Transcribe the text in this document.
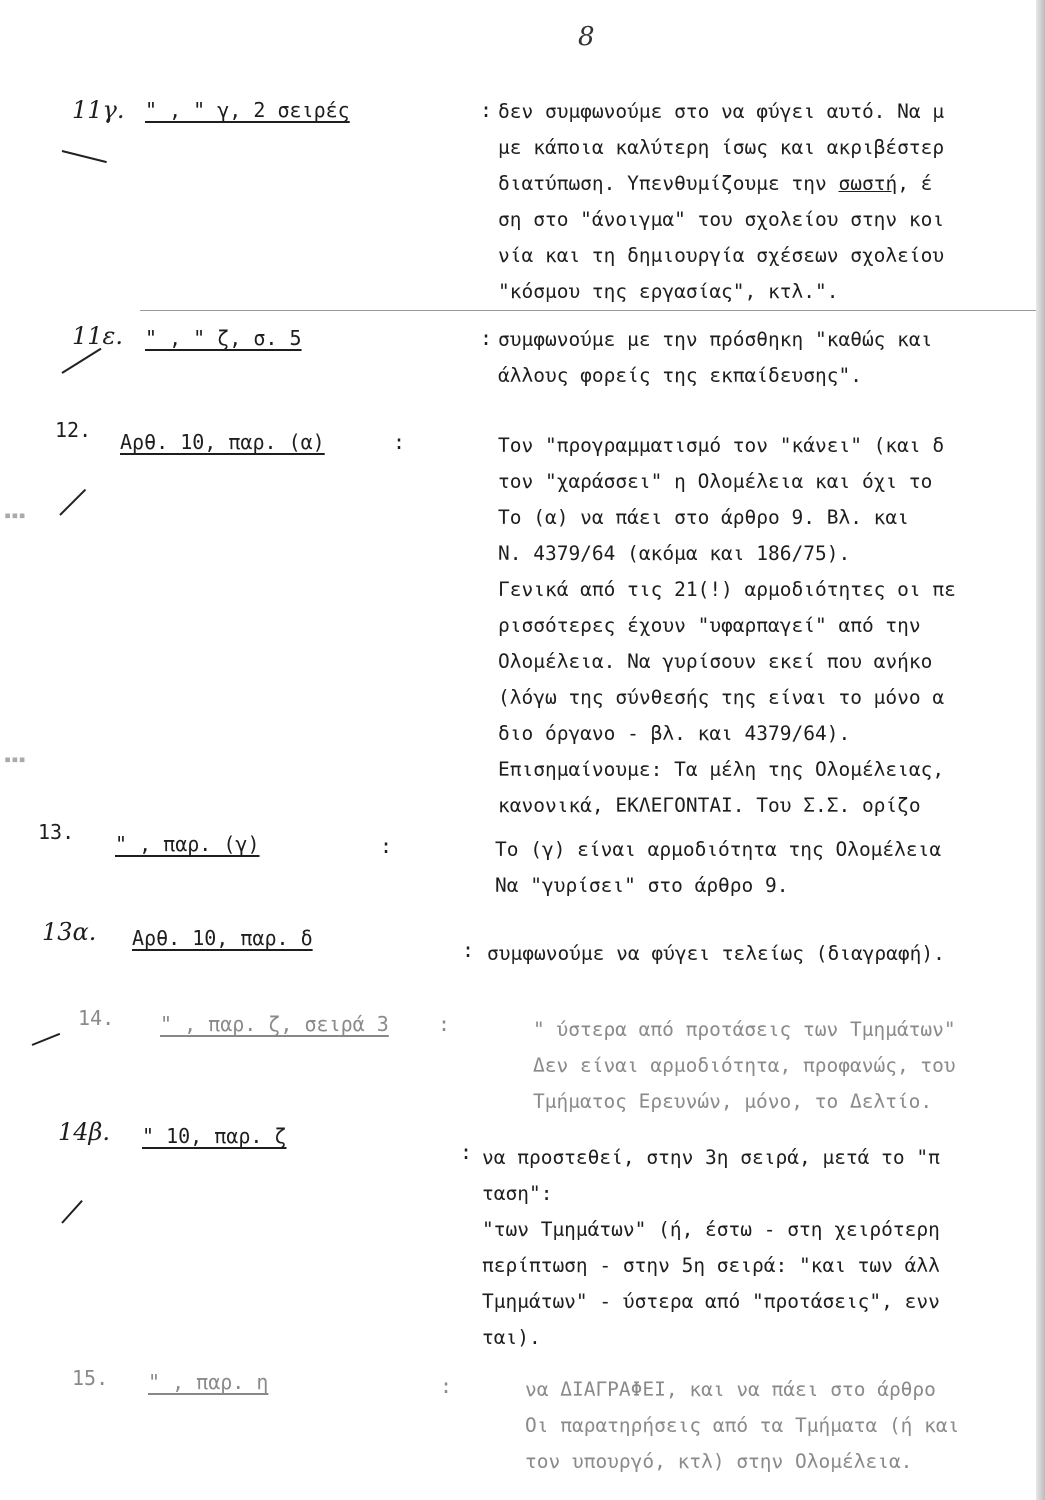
8
▪▪▪
▪▪▪
11γ. " , " γ, 2 σειρές	: δεν συμφωνούμε στο να φύγει αυτό. Να μ
με κάποια καλύτερη ίσως και ακριβέστερ
διατύπωση. Υπενθυμίζουμε την σωστή, έ
ση στο "άνοιγμα" του σχολείου στην κοι
νία και τη δημιουργία σχέσεων σχολείου
"κόσμου της εργασίας", κτλ.".
11ε. " , " ζ, σ. 5	: συμφωνούμε με την πρόσθηκη "καθώς και
άλλους φορείς της εκπαίδευσης".
12. Αρθ. 10, παρ. (α)	:	Τον "προγραμματισμό τον "κάνει" (και δ
τον "χαράσσει" η Ολομέλεια και όχι το
Το (α) να πάει στο άρθρο 9. Βλ. και
Ν. 4379/64 (ακόμα και 186/75).
Γενικά από τις 21(!) αρμοδιότητες οι πε
ρισσότερες έχουν "υφαρπαγεί" από την
Ολομέλεια. Να γυρίσουν εκεί που ανήκο
(λόγω της σύνθεσής της είναι το μόνο α
διο όργανο - βλ. και 4379/64).
Επισημαίνουμε: Τα μέλη της Ολομέλειας,
κανονικά, ΕΚΛΕΓΟΝΤΑΙ. Του Σ.Σ. ορίζο
13. " , παρ. (γ)	:	Το (γ) είναι αρμοδιότητα της Ολομέλεια
Να "γυρίσει" στο άρθρο 9.
13α. Αρθ. 10, παρ. δ	: συμφωνούμε να φύγει τελείως (διαγραφή).
14. " , παρ. ζ, σειρά 3 :	" ύστερα από προτάσεις των Τμημάτων"
Δεν είναι αρμοδιότητα, προφανώς, του
Τμήματος Ερευνών, μόνο, το Δελτίο.
14β. " 10, παρ. ζ
: να προστεθεί, στην 3η σειρά, μετά το "π
ταση":
"των Τμημάτων" (ή, έστω - στη χειρότερη
περίπτωση - στην 5η σειρά: "και των άλλ
Τμημάτων" - ύστερα από "προτάσεις", ενν
ται).
15. " , παρ. η	:	να ΔΙΑΓΡΑΦΕΙ, και να πάει στο άρθρο
Οι παρατηρήσεις από τα Τμήματα (ή και
τον υπουργό, κτλ) στην Ολομέλεια.
